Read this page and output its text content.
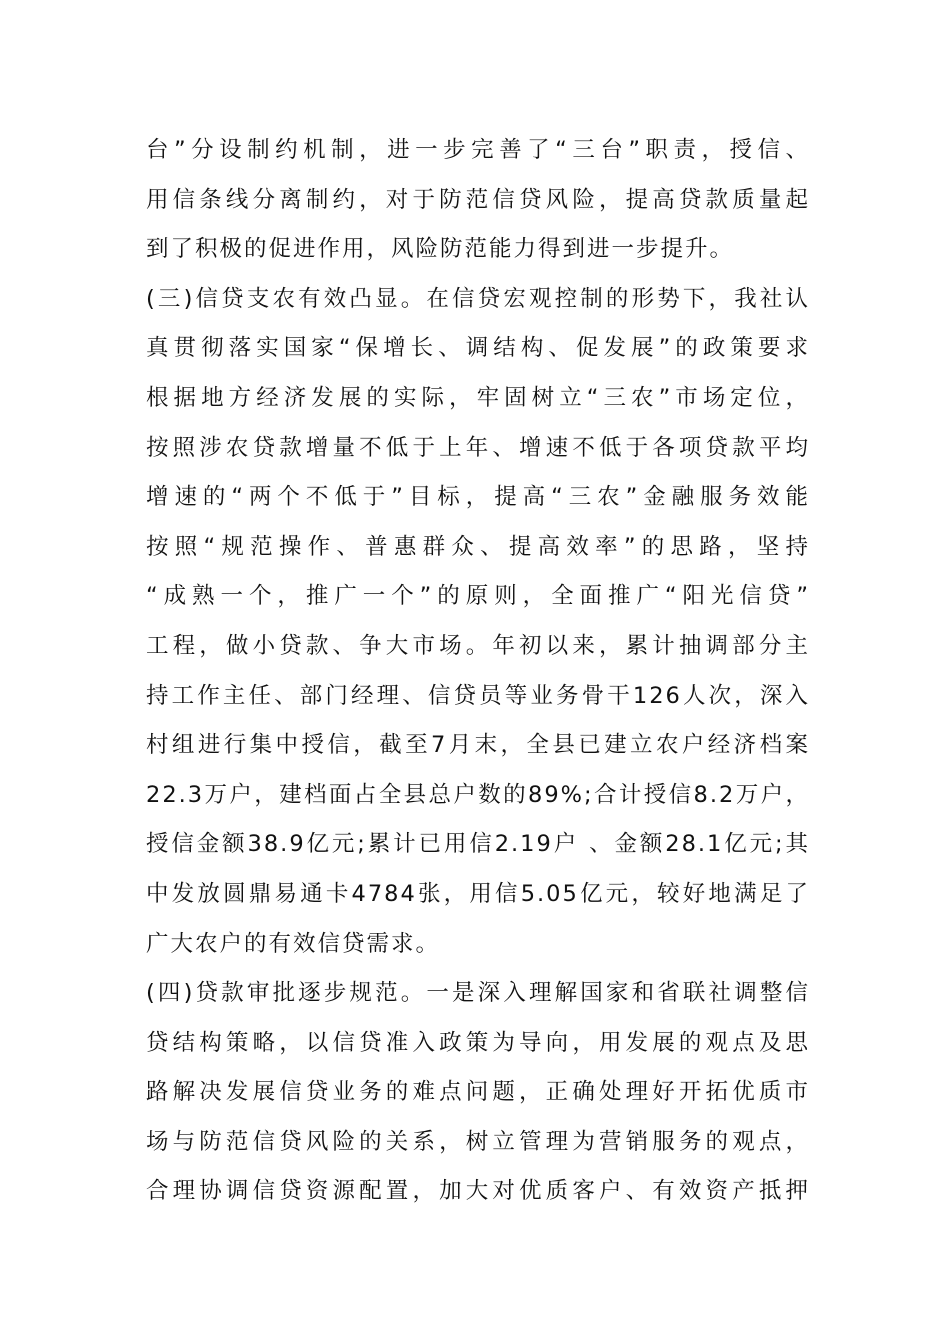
台”分设制约机制，进一步完善了“三台”职责，授信、
用信条线分离制约，对于防范信贷风险，提高贷款质量起
到了积极的促进作用，风险防范能力得到进一步提升。
(三)信贷支农有效凸显。在信贷宏观控制的形势下，我社认
真贯彻落实国家“保增长、调结构、促发展”的政策要求
根据地方经济发展的实际，牢固树立“三农”市场定位，
按照涉农贷款增量不低于上年、增速不低于各项贷款平均
增速的“两个不低于”目标，提高“三农”金融服务效能
按照“规范操作、普惠群众、提高效率”的思路，坚持
“成熟一个，推广一个”的原则，全面推广“阳光信贷”
工程，做小贷款、争大市场。年初以来，累计抽调部分主
持工作主任、部门经理、信贷员等业务骨干126人次，深入
村组进行集中授信，截至7月末，全县已建立农户经济档案
22.3万户，建档面占全县总户数的89%;合计授信8.2万户，
授信金额38.9亿元;累计已用信2.19户 、金额28.1亿元;其
中发放圆鼎易通卡4784张，用信5.05亿元，较好地满足了
广大农户的有效信贷需求。
(四)贷款审批逐步规范。一是深入理解国家和省联社调整信
贷结构策略，以信贷准入政策为导向，用发展的观点及思
路解决发展信贷业务的难点问题，正确处理好开拓优质市
场与防范信贷风险的关系，树立管理为营销服务的观点，
合理协调信贷资源配置，加大对优质客户、有效资产抵押
